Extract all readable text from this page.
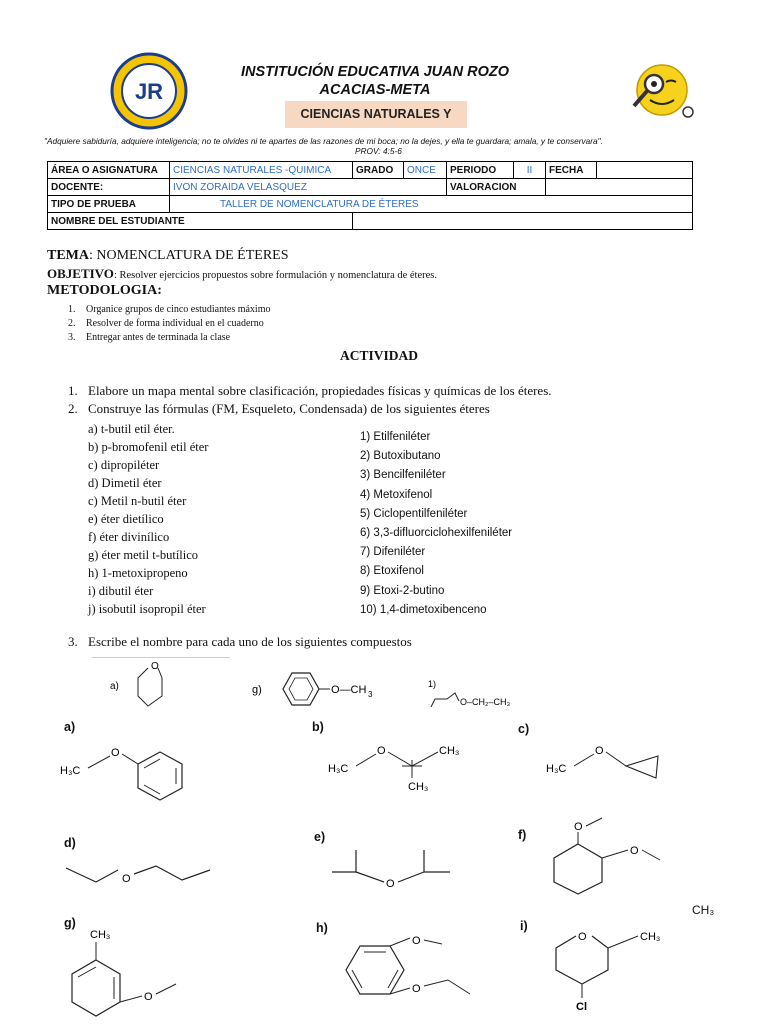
JR
INSTITUCIÓN EDUCATIVA JUAN ROZO
ACACIAS-META
CIENCIAS NATURALES Y
"Adquiere sabiduría, adquiere inteligencia; no te olvides ni te apartes de las razones de mi boca; no la dejes, y ella te guardara; amala, y te conservara".
PROV: 4:5-6
ÁREA O ASIGNATURA	CIENCIAS NATURALES -QUIMICA	GRADO	ONCE	PERIODO	II	FECHA	
DOCENTE:	IVON ZORAIDA VELASQUEZ			VALORACION			
TIPO DE PRUEBA	TALLER DE NOMENCLATURA DE ÉTERES						
NOMBRE DEL ESTUDIANTE							
TEMA: NOMENCLATURA DE ÉTERES
OBJETIVO: Resolver ejercicios propuestos sobre formulación y nomenclatura de éteres.
METODOLOGIA:
1. Organice grupos de cinco estudiantes máximo
2. Resolver de forma individual en el cuaderno
3. Entregar antes de terminada la clase
ACTIVIDAD
1. Elabore un mapa mental sobre clasificación, propiedades físicas y químicas de los éteres.
2. Construye las fórmulas (FM, Esqueleto, Condensada) de los siguientes éteres
a) t-butil etil éter.
b) p-bromofenil etil éter
c) dipropiléter
d) Dimetil éter
c) Metil n-butil éter
e) éter dietílico
f) éter divinílico
g) éter metil t-butílico
h) 1-metoxipropeno
i) dibutil éter
j) isobutil isopropil éter
1) Etilfeniléter
2) Butoxibutano
3) Bencilfeniléter
4) Metoxifenol
5) Ciclopentilfeniléter
6) 3,3-difluorciclohexilfeniléter
7) Difeniléter
8) Etoxifenol
9) Etoxi-2-butino
10) 1,4-dimetoxibenceno
3. Escribe el nombre para cada uno de los siguientes compuestos
a)
O
g)	O—CH 3
1)
O–CH₂–CH₃
a)	b)	c)
d)	e)	f)
g)	h)	i)
H₃C
O
H₃C
O	CH₃
CH₃
H₃C
O
O	O
O
O
CH₃
CH₃
O
O
O
O	CH₃
Cl
